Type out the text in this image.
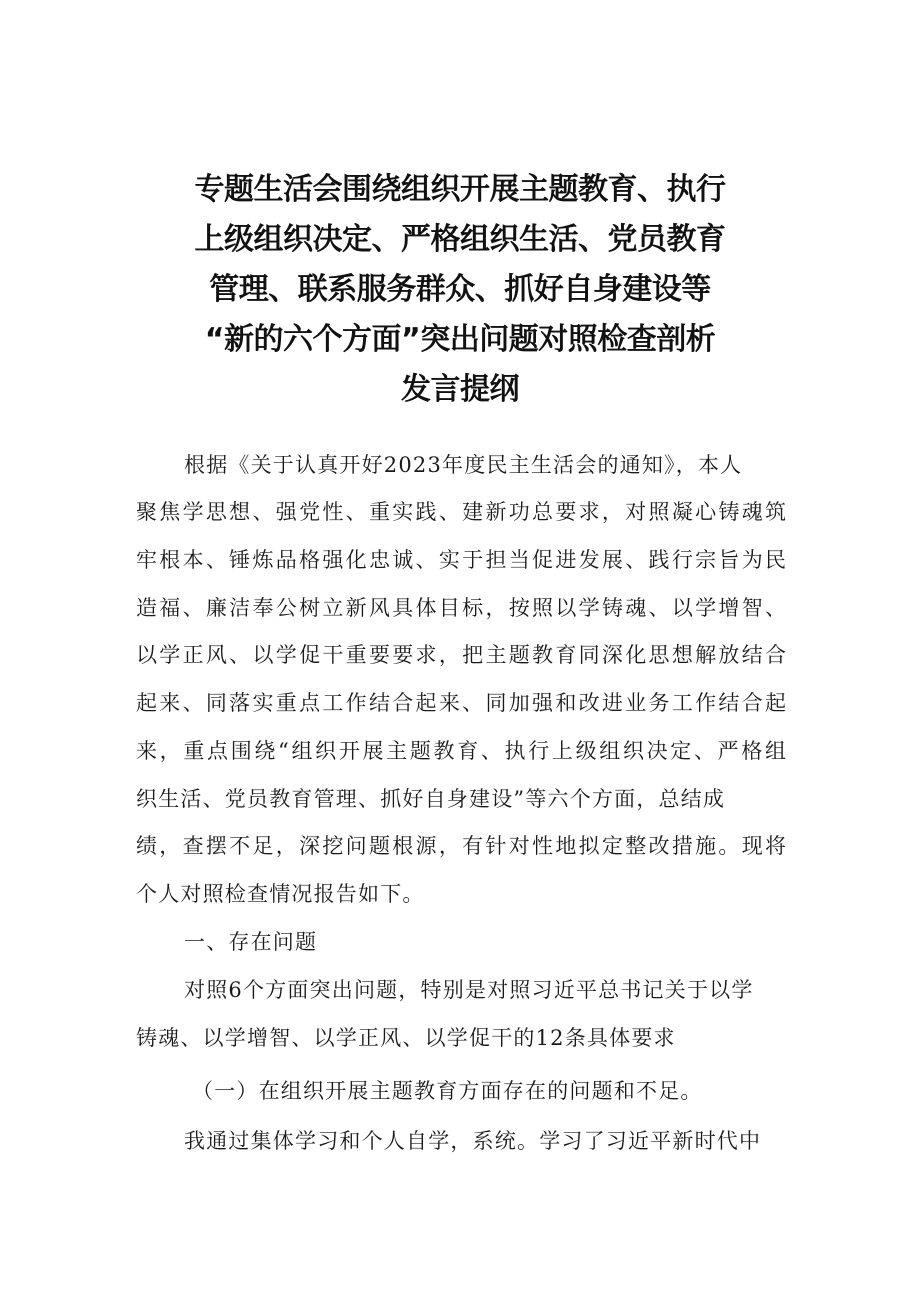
专题生活会围绕组织开展主题教育、执行
上级组织决定、严格组织生活、党员教育
管理、联系服务群众、抓好自身建设等
“新的六个方面”突出问题对照检查剖析
发言提纲
根据《关于认真开好2023年度民主生活会的通知》，本人
聚焦学思想、强党性、重实践、建新功总要求，对照凝心铸魂筑
牢根本、锤炼品格强化忠诚、实于担当促进发展、践行宗旨为民
造福、廉洁奉公树立新风具体目标，按照以学铸魂、以学增智、
以学正风、以学促干重要要求，把主题教育同深化思想解放结合
起来、同落实重点工作结合起来、同加强和改进业务工作结合起
来，重点围绕“组织开展主题教育、执行上级组织决定、严格组
织生活、党员教育管理、抓好自身建设”等六个方面，总结成
绩，查摆不足，深挖问题根源，有针对性地拟定整改措施。现将
个人对照检查情况报告如下。
一、存在问题
对照6个方面突出问题，特别是对照习近平总书记关于以学
铸魂、以学增智、以学正风、以学促干的12条具体要求
（一）在组织开展主题教育方面存在的问题和不足。
我通过集体学习和个人自学，系统。学习了习近平新时代中
